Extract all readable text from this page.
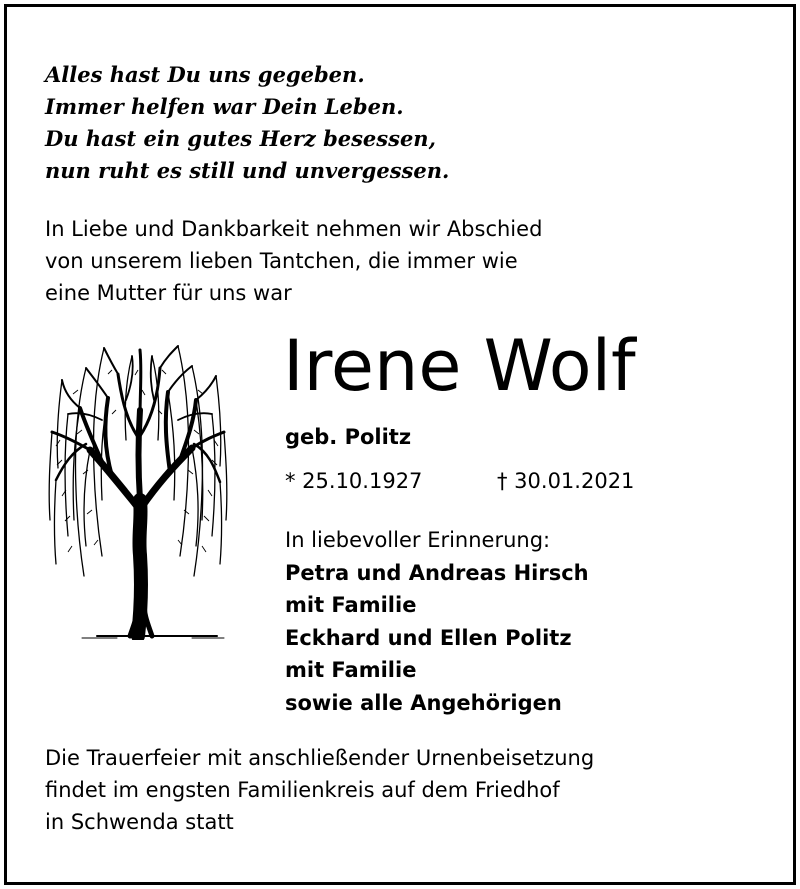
Alles hast Du uns gegeben.
Immer helfen war Dein Leben.
Du hast ein gutes Herz besessen,
nun ruht es still und unvergessen.
In Liebe und Dankbarkeit nehmen wir Abschied
von unserem lieben Tantchen, die immer wie
eine Mutter für uns war
Irene Wolf
geb. Politz
* 25.10.1927	† 30.01.2021
In liebevoller Erinnerung:
Petra und Andreas Hirsch
mit Familie
Eckhard und Ellen Politz
mit Familie
sowie alle Angehörigen
Die Trauerfeier mit anschließender Urnenbeisetzung
findet im engsten Familienkreis auf dem Friedhof
in Schwenda statt
